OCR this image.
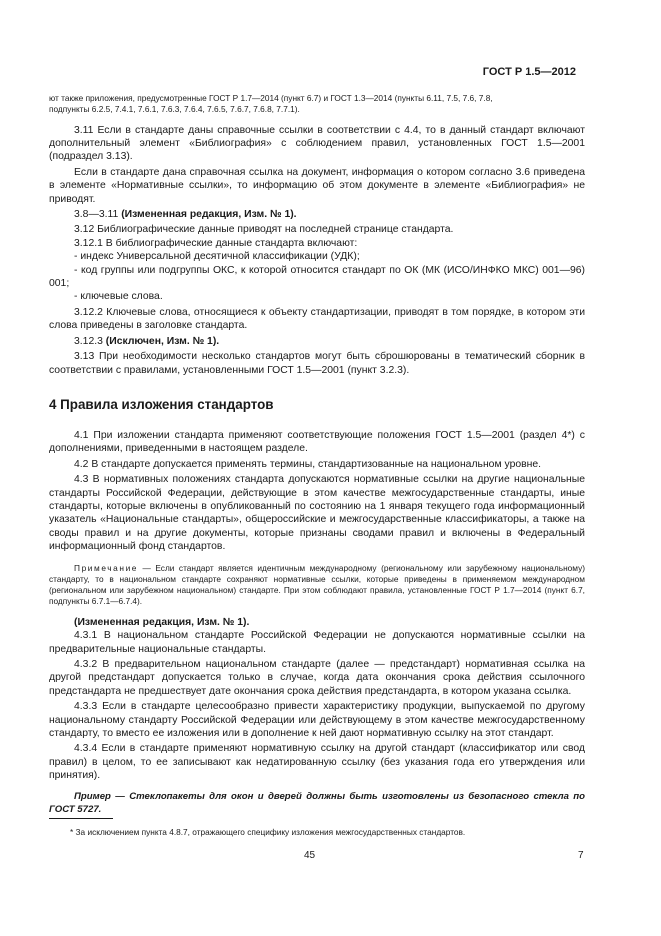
ГОСТ Р 1.5—2012

ют также приложения, предусмотренные ГОСТ Р 1.7—2014 (пункт 6.7) и ГОСТ 1.3—2014 (пункты 6.11, 7.5, 7.6, 7.8,

подпункты 6.2.5, 7.4.1, 7.6.1, 7.6.3, 7.6.4, 7.6.5, 7.6.7, 7.6.8, 7.7.1).

3.11 Если в стандарте даны справочные ссылки в соответствии с 4.4, то в данный стандарт включают дополнительный элемент «Библиография» с соблюдением правил, установленных ГОСТ 1.5—2001 (подраздел 3.13).

Если в стандарте дана справочная ссылка на документ, информация о котором согласно 3.6 приведена в элементе «Нормативные ссылки», то информацию об этом документе в элементе «Библиография» не приводят.

3.8—3.11 (Измененная редакция, Изм. № 1).

3.12 Библиографические данные приводят на последней странице стандарта.

3.12.1 В библиографические данные стандарта включают:

- индекс Универсальной десятичной классификации (УДК);

- код группы или подгруппы ОКС, к которой относится стандарт по ОК (МК (ИСО/ИНФКО МКС) 001—96) 001;

- ключевые слова.

3.12.2 Ключевые слова, относящиеся к объекту стандартизации, приводят в том порядке, в котором эти слова приведены в заголовке стандарта.

3.12.3 (Исключен, Изм. № 1).

3.13 При необходимости несколько стандартов могут быть сброшюрованы в тематический сборник в соответствии с правилами, установленными ГОСТ 1.5—2001 (пункт 3.2.3).

4 Правила изложения стандартов

4.1 При изложении стандарта применяют соответствующие положения ГОСТ 1.5—2001 (раздел 4*) с дополнениями, приведенными в настоящем разделе.

4.2 В стандарте допускается применять термины, стандартизованные на национальном уровне.

4.3 В нормативных положениях стандарта допускаются нормативные ссылки на другие национальные стандарты Российской Федерации, действующие в этом качестве межгосударственные стандарты, иные стандарты, которые включены в опубликованный по состоянию на 1 января текущего года информационный указатель «Национальные стандарты», общероссийские и межгосударственные классификаторы, а также на своды правил и на другие документы, которые признаны сводами правил и включены в Федеральный информационный фонд стандартов.

Примечание — Если стандарт является идентичным международному (региональному или зарубежному национальному) стандарту, то в национальном стандарте сохраняют нормативные ссылки, которые приведены в применяемом международном (региональном или зарубежном национальном) стандарте. При этом соблюдают правила, установленные ГОСТ Р 1.7—2014 (пункт 6.7, подпункты 6.7.1—6.7.4).

(Измененная редакция, Изм. № 1).

4.3.1 В национальном стандарте Российской Федерации не допускаются нормативные ссылки на предварительные национальные стандарты.

4.3.2 В предварительном национальном стандарте (далее — предстандарт) нормативная ссылка на другой предстандарт допускается только в случае, когда дата окончания срока действия ссылочного предстандарта не предшествует дате окончания срока действия предстандарта, в котором указана ссылка.

4.3.3 Если в стандарте целесообразно привести характеристику продукции, выпускаемой по другому национальному стандарту Российской Федерации или действующему в этом качестве межгосударственному стандарту, то вместо ее изложения или в дополнение к ней дают нормативную ссылку на этот стандарт.

4.3.4 Если в стандарте применяют нормативную ссылку на другой стандарт (классификатор или свод правил) в целом, то ее записывают как недатированную ссылку (без указания года его утверждения или принятия).

Пример — Стеклопакеты для окон и дверей должны быть изготовлены из безопасного стекла по ГОСТ 5727.

* За исключением пункта 4.8.7, отражающего специфику изложения межгосударственных стандартов.
45	7
